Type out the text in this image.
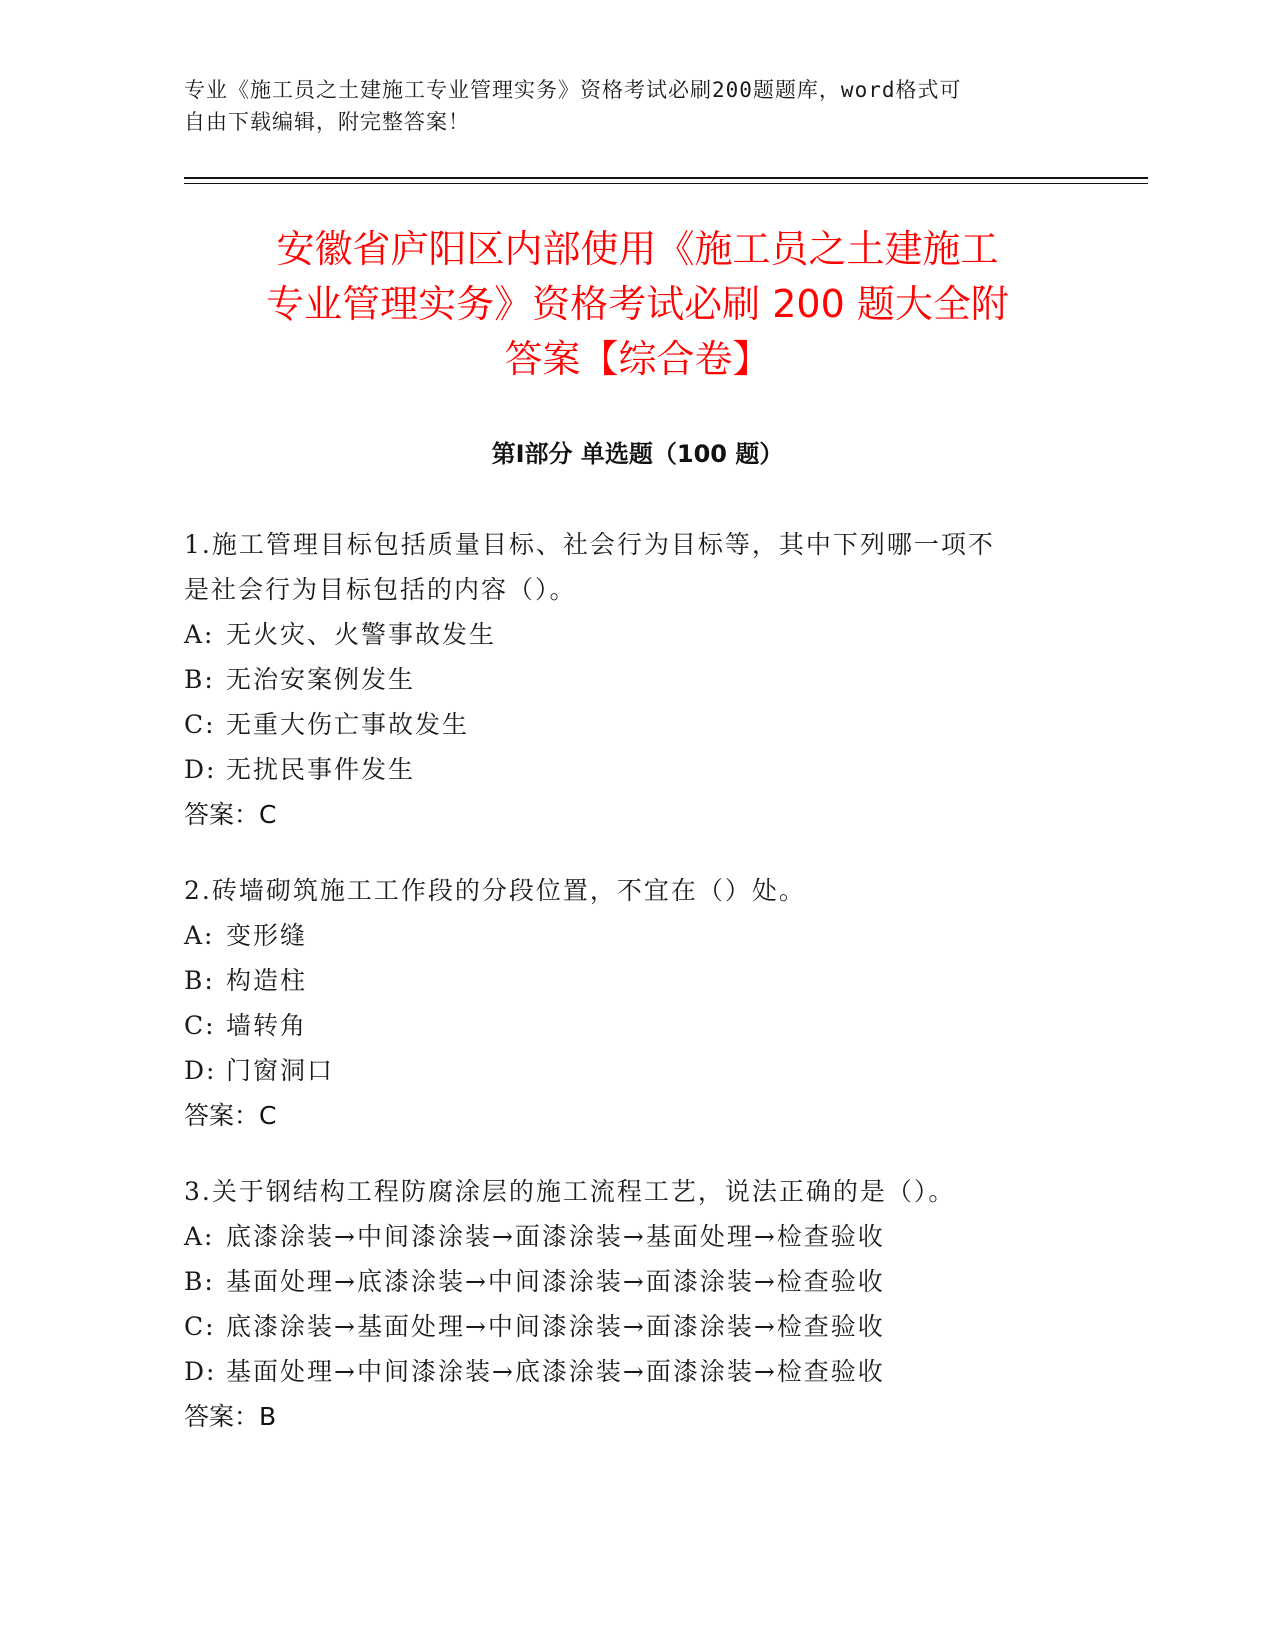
专业《施工员之土建施工专业管理实务》资格考试必刷200题题库，word格式可
自由下载编辑，附完整答案！
安徽省庐阳区内部使用《施工员之土建施工
专业管理实务》资格考试必刷 200 题大全附
答案【综合卷】
第Ⅰ部分 单选题（100 题）
1.施工管理目标包括质量目标、社会行为目标等，其中下列哪一项不
是社会行为目标包括的内容（）。
A: 无火灾、火警事故发生
B: 无治安案例发生
C: 无重大伤亡事故发生
D: 无扰民事件发生
答案：C
2.砖墙砌筑施工工作段的分段位置，不宜在（）处。
A: 变形缝
B: 构造柱
C: 墙转角
D: 门窗洞口
答案：C
3.关于钢结构工程防腐涂层的施工流程工艺，说法正确的是（）。
A: 底漆涂装→中间漆涂装→面漆涂装→基面处理→检查验收
B: 基面处理→底漆涂装→中间漆涂装→面漆涂装→检查验收
C: 底漆涂装→基面处理→中间漆涂装→面漆涂装→检查验收
D: 基面处理→中间漆涂装→底漆涂装→面漆涂装→检查验收
答案：B
